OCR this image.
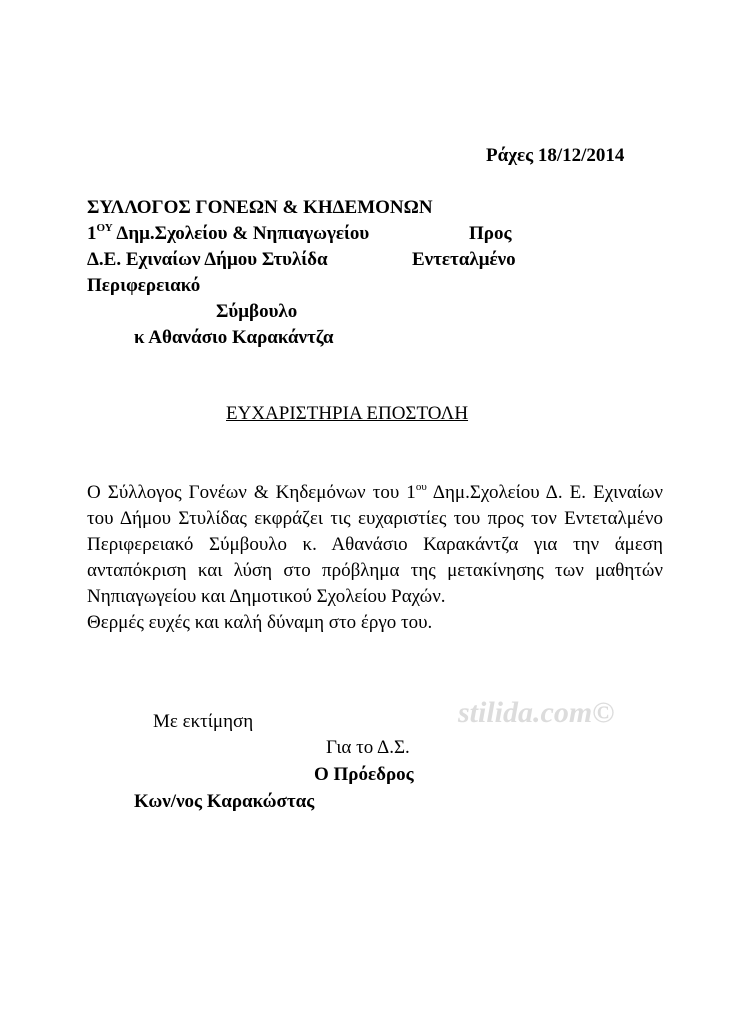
Ράχες 18/12/2014
ΣΥΛΛΟΓΟΣ ΓΟΝΕΩΝ & ΚΗΔΕΜΟΝΩΝ
$1^{O\Upsilon}$ Δημ.Σχολείου & Νηπιαγωγείου
Δ.Ε. Εχιναίων Δήμου Στυλίδα
Προς
Εντεταλμένο
Περιφερειακό
Σύμβουλο
κ Αθανάσιο Καρακάντζα
ΕΥΧΑΡΙΣΤΗΡΙΑ ΕΠΟΣΤΟΛΗ

Ο Σύλλογος Γονέων & Κηδεμόνων του $1^{o\upsilon}$ Δημ.Σχολείου Δ. Ε. Εχιναίων του Δήμου Στυλίδας εκφράζει τις ευχαριστίες του προς τον Εντεταλμένο Περιφερειακό Σύμβουλο κ. Αθανάσιο Καρακάντζα για την άμεση ανταπόκριση και λύση στο πρόβλημα της μετακίνησης των μαθητών Νηπιαγωγείου και Δημοτικού Σχολείου Ραχών.

Θερμές ευχές και καλή δύναμη στο έργο του.

Με εκτίμηση	stilida.com©
Για το Δ.Σ.
Ο Πρόεδρος
Κων/νος Καρακώστας
